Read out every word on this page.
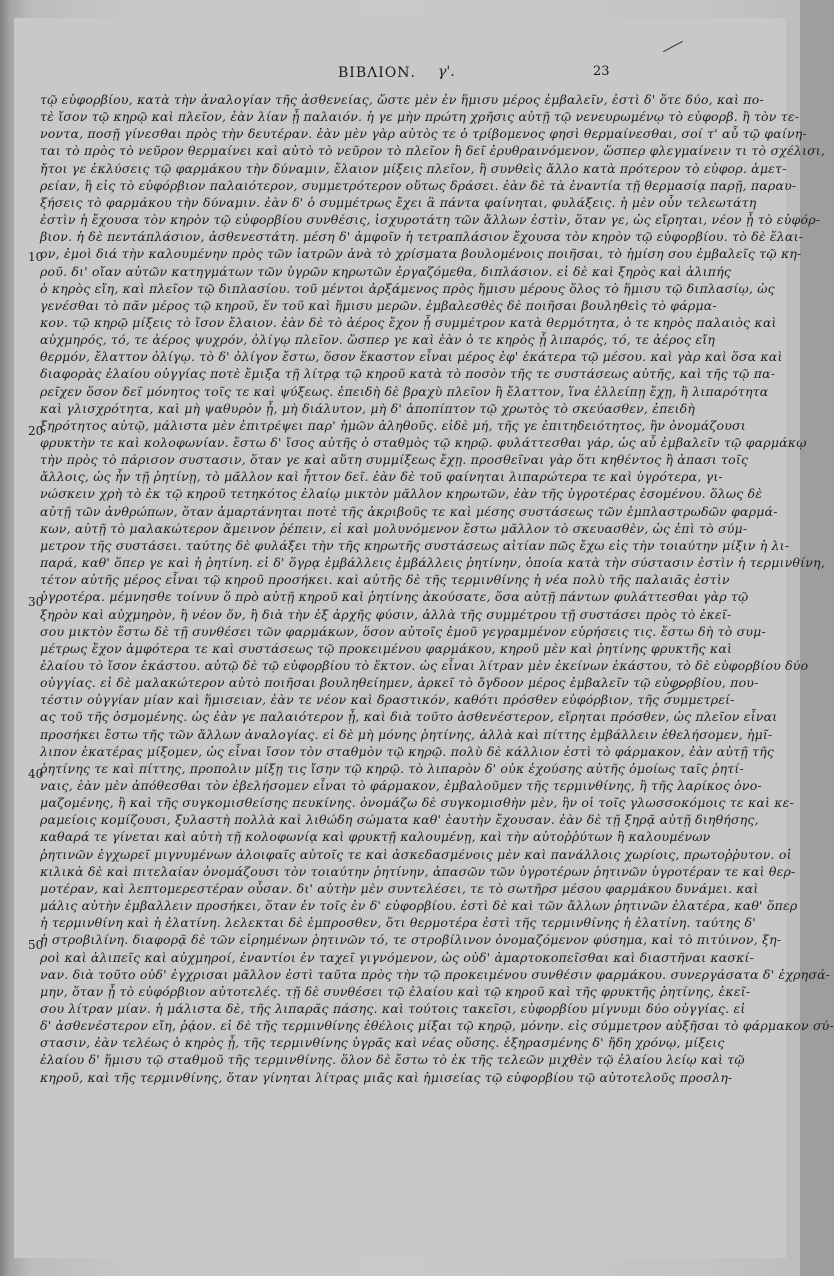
ΒΙΒΛΙΟΝ. γ'.	23
10
20
30
40
50
τῷ εὐφορβίου, κατὰ τὴν ἀναλογίαν τῆς ἀσθενείας, ὥστε μὲν ἐν ἥμισυ μέρος ἐμβαλεῖν, ἐστὶ δ' ὅτε δύο, καὶ πο-
τὲ ἴσον τῷ κηρῷ καὶ πλεῖον, ἐὰν λίαν ᾖ παλαιόν. ἡ γε μὴν πρώτη χρῆσις αὐτῇ τῷ νενευρωμένῳ τὸ εὐφορβ. ἢ τὸν τε-
νοντα, ποσῇ γίνεσθαι πρὸς τὴν δευτέραν. ἐὰν μὲν γὰρ αὐτὸς τε ὁ τρίβομενος φησὶ θερμαίνεσθαι, σοί τ' αὖ τῷ φαίνη-
ται τὸ πρὸς τὸ νεῦρον θερμαίνει καὶ αὐτὸ τὸ νεῦρον τὸ πλεῖον ἢ δεῖ ἐρυθραινόμενον, ὥσπερ φλεγμαίνειν τι τὸ σχέλισι,
ἤτοι γε ἐκλύσεις τῷ φαρμάκου τὴν δύναμιν, ἔλαιον μίξεις πλεῖον, ἢ συνθεὶς ἄλλο κατὰ πρότερον τὸ εὐφορ. ἀμετ-
ρείαν, ἢ εἰς τὸ εὐφόρβιον παλαιότερον, συμμετρότερον οὕτως δράσει. ἐὰν δὲ τὰ ἐναντία τῇ θερμασίᾳ παρῇ, παραυ-
ξήσεις τὸ φαρμάκου τὴν δύναμιν. ἐὰν δ' ὁ συμμέτρως ἔχει ἃ πάντα φαίνηται, φυλάξεις. ἡ μὲν οὖν τελεωτάτη
ἐστὶν ἡ ἔχουσα τὸν κηρὸν τῷ εὐφορβίου συνθέσις, ἰσχυροτάτη τῶν ἄλλων ἐστὶν, ὅταν γε, ὡς εἴρηται, νέον ᾖ τὸ εὐφόρ-
βιον. ἡ δὲ πεντάπλάσιον, ἀσθενεστάτη. μέση δ' ἀμφοῖν ἡ τετραπλάσιον ἔχουσα τὸν κηρὸν τῷ εὐφορβίου. τὸ δὲ ἔλαι-
ον, ἐμοὶ διά τὴν καλουμένην πρὸς τῶν ἰατρῶν ἀνὰ τὸ χρίσματα βουλομένοις ποιῆσαι, τὸ ἡμίση σου ἐμβαλεῖς τῷ κη-
ροῦ. δι' οἴαν αὐτῶν κατηγμάτων τῶν ὑγρῶν κηρωτῶν ἐργαζόμεθα, διπλάσιον. εἰ δὲ καὶ ξηρὸς καὶ ἀλιπής
ὁ κηρὸς εἴη, καὶ πλεῖον τῷ διπλασίου. τοῦ μέντοι ἀρξάμενος πρὸς ἥμισυ μέρους ὅλος τὸ ἥμισυ τῷ διπλασίῳ, ὡς
γενέσθαι τὸ πᾶν μέρος τῷ κηροῦ, ἕν τοῦ καὶ ἥμισυ μερῶν. ἐμβαλεσθὲς δὲ ποιῆσαι βουληθεὶς τὸ φάρμα-
κον. τῷ κηρῷ μίξεις τὸ ἴσον ἔλαιον. ἐὰν δὲ τὸ ἀέρος ἔχον ᾖ συμμέτρον κατὰ θερμότητα, ὁ τε κηρὸς παλαιὸς καὶ
αὐχμηρός, τό, τε ἀέρος ψυχρόν, ὀλίγῳ πλεῖον. ὥσπερ γε καὶ ἐὰν ὁ τε κηρὸς ᾖ λιπαρός, τό, τε ἀέρος εἴη
θερμόν, ἔλαττον ὀλίγῳ. τὸ δ' ὀλίγον ἔστω, ὅσον ἕκαστον εἶναι μέρος ἐφ' ἑκάτερα τῷ μέσου. καὶ γὰρ καὶ ὅσα καὶ
διαφορὰς ἐλαίου οὐγγίας ποτὲ ἔμιξα τῇ λίτρᾳ τῷ κηροῦ κατὰ τὸ ποσὸν τῆς τε συστάσεως αὐτῆς, καὶ τῆς τῷ πα-
ρεῖχεν ὅσον δεῖ μόνητος τοῖς τε καὶ ψύξεως. ἐπειδὴ δὲ βραχὺ πλεῖον ἢ ἔλαττον, ἵνα ἐλλείπῃ ἔχῃ, ἢ λιπαρότητα
καὶ γλισχρότητα, καὶ μὴ ψαθυρὸν ᾖ, μὴ διάλυτον, μὴ δ' ἀποπίπτον τῷ χρωτὸς τὸ σκεύασθεν, ἐπειδὴ
ξηρότητος αὐτῷ, μάλιστα μὲν ἐπιτρέψει παρ' ἡμῶν ἀληθοῦς. εἰδὲ μή, τῆς γε ἐπιτηδειότητος, ἣν ὀνομάζουσι
φρυκτὴν τε καὶ κολοφωνίαν. ἔστω δ' ἴσος αὐτῆς ὁ σταθμὸς τῷ κηρῷ. φυλάττεσθαι γάρ, ὡς αὖ ἐμβαλεῖν τῷ φαρμάκῳ
τὴν πρὸς τὸ πάρισον συστασιν, ὅταν γε καὶ αὕτη συμμίξεως ἔχῃ. προσθεῖναι γὰρ ὅτι κηθέντος ἢ ἀπασι τοῖς
ἄλλοις, ὡς ἦν τῇ ῥητίνῃ, τὸ μᾶλλον καὶ ἧττον δεῖ. ἐὰν δὲ τοῦ φαίνηται λιπαρώτερα τε καὶ ὑγρότερα, γι-
νώσκειν χρὴ τὸ ἐκ τῷ κηροῦ τετηκότος ἐλαίῳ μικτὸν μᾶλλον κηρωτῶν, ἐὰν τῆς ὑγροτέρας ἐσομένου. ὅλως δὲ
αὐτῇ τῶν ἀνθρώπων, ὅταν ἁμαρτάνηται ποτὲ τῆς ἀκριβοῦς τε καὶ μέσης συστάσεως τῶν ἐμπλαστρωδῶν φαρμά-
κων, αὐτῇ τὸ μαλακώτερον ἄμεινον ῥέπειν, εἰ καὶ μολυνόμενον ἔστω μᾶλλον τὸ σκευασθὲν, ὡς ἐπὶ τὸ σύμ-
μετρον τῆς συστάσει. ταύτης δὲ φυλάξει τὴν τῆς κηρωτῆς συστάσεως αἰτίαν πῶς ἔχω εἰς τὴν τοιαύτην μίξιν ἡ λι-
παρά, καθ' ὅπερ γε καὶ ἡ ῥητίνη. εἰ δ' ὅγρᾳ ἐμβάλλεις ἐμβάλλεις ῥητίνην, ὁποία κατὰ τὴν σύστασιν ἐστὶν ἡ τερμινθίνη,
τέτον αὐτῆς μέρος εἶναι τῷ κηροῦ προσήκει. καὶ αὐτῆς δὲ τῆς τερμινθίνης ἡ νέα πολὺ τῆς παλαιᾶς ἐστὶν
ὑγροτέρα. μέμνησθε τοίνυν ὅ πρὸ αὐτῇ κηροῦ καὶ ῥητίνης ἀκούσατε, ὅσα αὐτῇ πάντων φυλάττεσθαι γὰρ τῷ
ξηρὸν καὶ αὐχμηρὸν, ἢ νέον ὄν, ἢ διὰ τὴν ἐξ ἀρχῆς φύσιν, ἀλλὰ τῆς συμμέτρου τῇ συστάσει πρὸς τὸ ἐκεῖ-
σου μικτὸν ἔστω δὲ τῇ συνθέσει τῶν φαρμάκων, ὅσον αὐτοῖς ἐμοῦ γεγραμμένον εὑρήσεις τις. ἔστω δὴ τὸ συμ-
μέτρως ἔχον ἀμφότερα τε καὶ συστάσεως τῷ προκειμένου φαρμάκου, κηροῦ μὲν καὶ ῥητίνης φρυκτῆς καὶ
ἐλαίου τὸ ἴσον ἑκάστου. αὐτῷ δὲ τῷ εὐφορβίου τὸ ἕκτον. ὡς εἶναι λίτραν μὲν ἐκείνων ἑκάστου, τὸ δὲ εὐφορβίου δύο
οὐγγίας. εἰ δὲ μαλακώτερον αὐτὸ ποιῆσαι βουληθείημεν, ἀρκεῖ τὸ ὄγδοον μέρος ἐμβαλεῖν τῷ εὐφορβίου, που-
τέστιν οὐγγίαν μίαν καὶ ἥμισειαν, ἐὰν τε νέον καὶ δραστικόν, καθότι πρόσθεν εὐφόρβιον, τῆς συμμετρεί-
ας τοῦ τῆς ὀσμομένης. ὡς ἐὰν γε παλαιότερον ᾖ, καὶ διὰ τοῦτο ἀσθενέστερον, εἴρηται πρόσθεν, ὡς πλεῖον εἶναι
προσήκει ἔστω τῆς τῶν ἄλλων ἀναλογίας. εἰ δὲ μὴ μόνης ῥητίνης, ἀλλὰ καὶ πίττης ἐμβάλλειν ἐθελήσομεν, ἡμῖ-
λιπον ἑκατέρας μίξομεν, ὡς εἶναι ἴσον τὸν σταθμὸν τῷ κηρῷ. πολὺ δὲ κάλλιον ἐστὶ τὸ φάρμακον, ἐὰν αὐτῇ τῆς
ῥητίνης τε καὶ πίττης, προπολιν μίξῃ τις ἴσην τῷ κηρῷ. τὸ λιπαρὸν δ' οὐκ ἐχούσης αὐτῆς ὁμοίως ταῖς ῥητί-
ναις, ἐὰν μὲν ἀπόθεσθαι τὸν ἐβελήσομεν εἶναι τὸ φάρμακον, ἐμβαλοῦμεν τῆς τερμινθίνης, ἢ τῆς λαρίκος ὀνο-
μαζομένης, ἢ καὶ τῆς συγκομισθείσης πευκίνης. ὀνομάζω δὲ συγκομισθὴν μὲν, ἣν οἱ τοῖς γλωσσοκόμοις τε καὶ κε-
ραμείοις κομίζουσι, ξυλαστὴ πολλὰ καὶ λιθώδη σώματα καθ' ἑαυτὴν ἔχουσαν. ἐὰν δὲ τῇ ξηρᾷ αὐτῇ διηθήσης,
καθαρά τε γίνεται καὶ αὐτὴ τῇ κολοφωνίᾳ καὶ φρυκτῇ καλουμένῃ, καὶ τὴν αὐτοῤῥύτων ἢ καλουμένων
ῥητινῶν ἐγχωρεῖ μιγνυμένων ἀλοιφαῖς αὐτοῖς τε καὶ ἀσκεδασμένοις μὲν καὶ πανάλλοις χωρίοις, πρωτοῤῥυτον. οἱ
κιλικὰ δὲ καὶ πιτελαίαν ὀνομάζουσι τὸν τοιαύτην ῥητίνην, ἀπασῶν τῶν ὑγροτέρων ῥητινῶν ὑγροτέραν τε καὶ θερ-
μοτέραν, καὶ λεπτομερεστέραν οὖσαν. δι' αὐτὴν μὲν συντελέσει, τε τὸ σωτῆρσ μέσου φαρμάκου δυνάμει. καὶ
μάλις αὐτὴν ἐμβαλλειν προσήκει, ὅταν ἐν τοῖς ἐν δ' εὐφορβίου. ἐστὶ δὲ καὶ τῶν ἄλλων ῥητινῶν ἐλατέρα, καθ' ὅπερ
ἡ τερμινθίνη καὶ ἡ ἐλατίνη. λελεκται δὲ ἐμπροσθεν, ὅτι θερμοτέρα ἐστὶ τῆς τερμινθίνης ἡ ἐλατίνη. ταύτης δ'
ἡ στροβιλίνη. διαφορᾷ δὲ τῶν εἰρημένων ῥητινῶν τό, τε στροβίλινον ὀνομαζόμενον φύσημα, καὶ τὸ πιτύινον, ξη-
ροὶ καὶ ἀλιπεῖς καὶ αὐχμηροί, ἐναντίοι ἐν ταχεῖ γιγνόμενον, ὡς οὐδ' ἀμαρτοκοπεῖσθαι καὶ διαστῆναι κασκί-
ναν. διὰ τοῦτο οὐδ' ἐγχρισαι μᾶλλον ἐστὶ ταῦτα πρὸς τὴν τῷ προκειμένου συνθέσιν φαρμάκου. συνεργάσατα δ' ἐχρησά-
μην, ὅταν ᾖ τὸ εὐφόρβιον αὐτοτελές. τῇ δὲ συνθέσει τῷ ἐλαίου καὶ τῷ κηροῦ καὶ τῆς φρυκτῆς ῥητίνης, ἐκεῖ-
σου λίτραν μίαν. ἡ μάλιστα δὲ, τῆς λιπαρᾶς πάσης. καὶ τούτοις τακεῖσι, εὐφορβίου μίγνυμι δύο οὐγγίας. εἰ
δ' ἀσθενέστερον εἴη, ῥᾴον. εἰ δὲ τῆς τερμινθίνης ἐθέλοις μίξαι τῷ κηρῷ, μόνην. εἰς σύμμετρον αὐξῆσαι τὸ φάρμακον σύ-
στασιν, ἐὰν τελέως ὁ κηρὸς ᾖ, τῆς τερμινθίνης ὑγρᾶς καὶ νέας οὔσης. ἐξηρασμένης δ' ἤδη χρόνῳ, μίξεις
ἐλαίου δ' ἥμισυ τῷ σταθμοῦ τῆς τερμινθίνης. ὅλον δὲ ἔστω τὸ ἐκ τῆς τελεῶν μιχθὲν τῷ ἐλαίου λείῳ καὶ τῷ
κηροῦ, καὶ τῆς τερμινθίνης, ὅταν γίνηται λίτρας μιᾶς καὶ ἡμισείας τῷ εὐφορβίου τῷ αὐτοτελοῦς προσλη-
